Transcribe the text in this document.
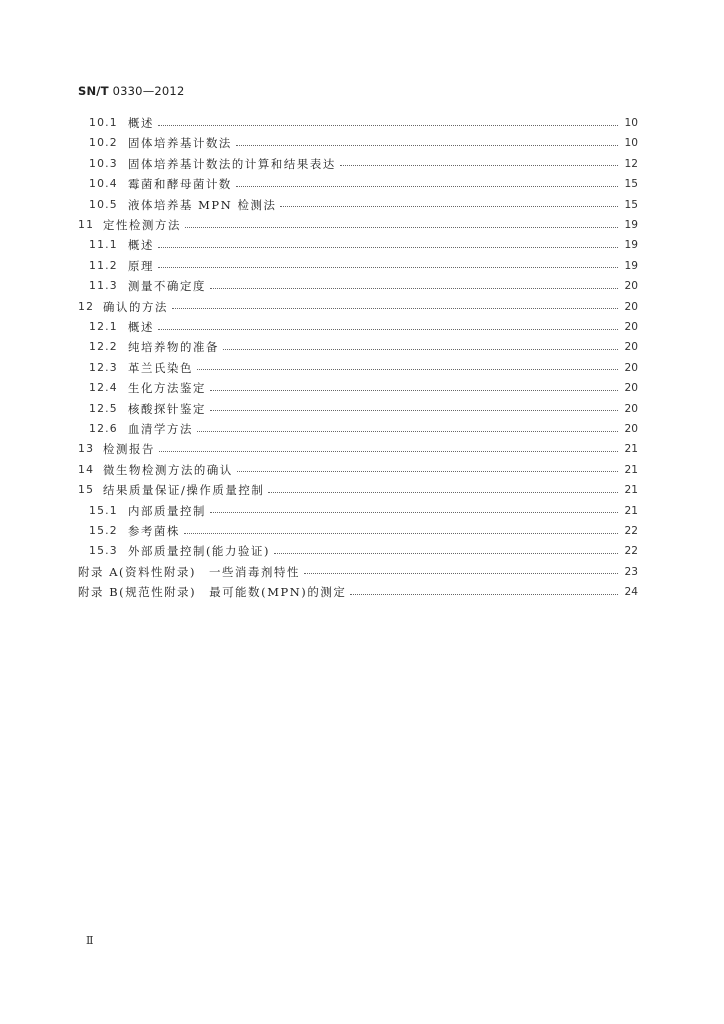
SN/T 0330—2012
10.1 概述	10
10.2 固体培养基计数法	10
10.3 固体培养基计数法的计算和结果表达	12
10.4 霉菌和酵母菌计数	15
10.5 液体培养基 MPN 检测法	15
11 定性检测方法	19
11.1 概述	19
11.2 原理	19
11.3 测量不确定度	20
12 确认的方法	20
12.1 概述	20
12.2 纯培养物的准备	20
12.3 革兰氏染色	20
12.4 生化方法鉴定	20
12.5 核酸探针鉴定	20
12.6 血清学方法	20
13 检测报告	21
14 微生物检测方法的确认	21
15 结果质量保证/操作质量控制	21
15.1 内部质量控制	21
15.2 参考菌株	22
15.3 外部质量控制(能力验证)	22
附录 A(资料性附录)　一些消毒剂特性	23
附录 B(规范性附录)　最可能数(MPN)的测定	24
Ⅱ
